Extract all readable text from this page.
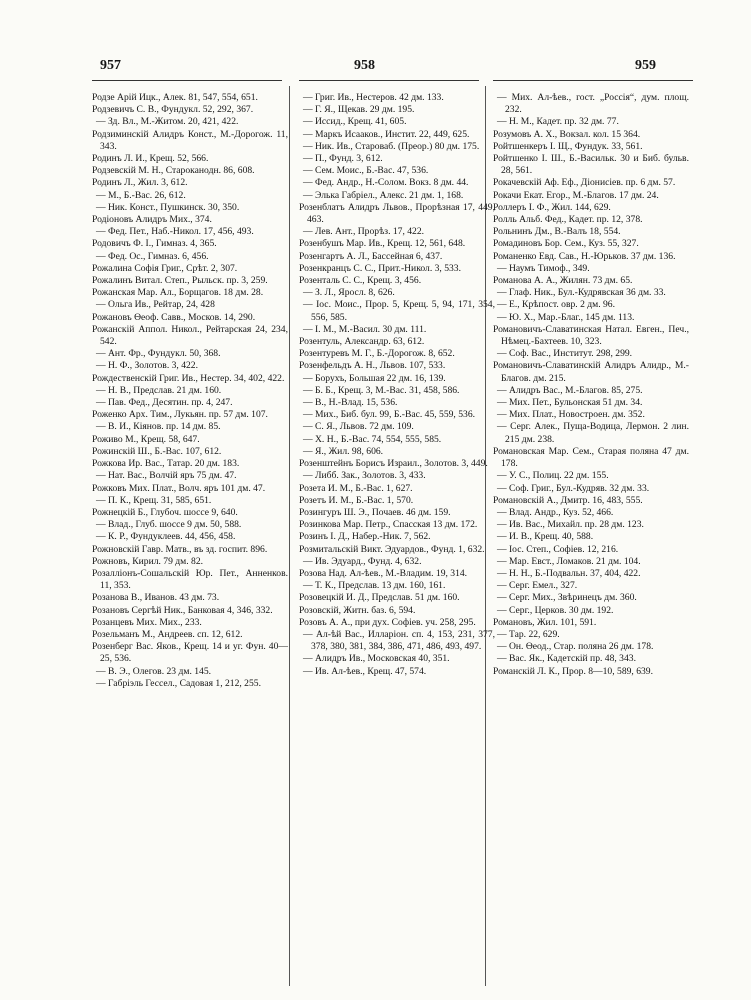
957	958	959

Родзе Арiй Ицк., Алек. 81, 547, 554, 651.

Родзевичъ С. В., Фундукл. 52, 292, 367.

— Зд. Вл., М.-Житом. 20, 421, 422.

Родзиминскiй Алидръ Конст., М.-Дорогож. 11, 343.

Родинъ Л. И., Крещ. 52, 566.

Родзевскiй М. Н., Староканодн. 86, 608.

Родинъ Л., Жил. 3, 612.

— М., Б.-Вас. 26, 612.

— Ник. Конст., Пушкинск. 30, 350.

Родiоновъ Алидръ Мих., 374.

— Фед. Пет., Наб.-Никол. 17, 456, 493.

Родовичъ Ф. I., Гимназ. 4, 365.

— Фед. Ос., Гимназ. 6, 456.

Рожалина Софiя Григ., Срѣт. 2, 307.

Рожалинъ Витал. Степ., Рыльск. пр. 3, 259.

Рожанская Мар. Ал., Борщагов. 18 дм. 28.

— Ольга Ив., Рейтар, 24, 428

Рожановъ Ѳеоф. Савв., Москов. 14, 290.

Рожанскiй Аппол. Никол., Рейтарская 24, 234, 542.

— Ант. Фр., Фундукл. 50, 368.

— Н. Ф., Золотов. 3, 422.

Рождественскiй Григ. Ив., Нестер. 34, 402, 422.

— Н. В., Предслав. 21 дм. 160.

— Пав. Фед., Десятин. пр. 4, 247.

Роженко Арх. Тим., Лукьян. пр. 57 дм. 107.

— В. И., Кiянов. пр. 14 дм. 85.

Роживо М., Крещ. 58, 647.

Рожинскiй Ш., Б.-Вас. 107, 612.

Рожкова Ир. Вас., Татар. 20 дм. 183.

— Нат. Вас., Волчiй яръ 75 дм. 47.

Рожковъ Мих. Плат., Волч. яръ 101 дм. 47.

— П. К., Крещ. 31, 585, 651.

Рожнецкiй Б., Глубоч. шоссе 9, 640.

— Влад., Глуб. шоссе 9 дм. 50, 588.

— К. Р., Фундуклеев. 44, 456, 458.

Рожновскiй Гавр. Матв., въ зд. госпит. 896.

Рожновъ, Кирил. 79 дм. 82.

Розаллiонъ-Сошальскiй Юр. Пет., Анненков. 11, 353.

Розанова В., Иванов. 43 дм. 73.

Розановъ Сергѣй Ник., Банковая 4, 346, 332.

Розанцевъ Мих. Мих., 233.

Розельманъ М., Андреев. сп. 12, 612.

Розенберг Вас. Яков., Крещ. 14 и уг. Фун. 40—25, 536.

— В. Э., Олегов. 23 дм. 145.

— Габрiэль Гессел., Садовая 1, 212, 255.

— Григ. Ив., Нестеров. 42 дм. 133.

— Г. Я., Щекав. 29 дм. 195.

— Иссид., Крещ. 41, 605.

— Маркъ Исааков., Инстит. 22, 449, 625.

— Ник. Ив., Староваб. (Преор.) 80 дм. 175.

— П., Фунд. 3, 612.

— Сем. Моис., Б.-Вас. 47, 536.

— Фед. Андр., Н.-Солом. Вокз. 8 дм. 44.

— Элька Габрiел., Алекс. 21 дм. 1, 168.

Розенблатъ Алидръ Львов., Прорѣзная 17, 449, 463.

— Лев. Ант., Прорѣз. 17, 422.

Розенбушъ Мар. Ив., Крещ. 12, 561, 648.

Розенгартъ А. Л., Бассейная 6, 437.

Розенкранцъ С. С., Прит.-Никол. 3, 533.

Розенталь С. С., Крещ. 3, 456.

— З. Л., Яросл. 8, 626.

— Iос. Моис., Прор. 5, Крещ. 5, 94, 171, 354, 556, 585.

— I. М., М.-Васил. 30 дм. 111.

Розентуль, Александр. 63, 612.

Розентуревъ М. Г., Б.-Дорогож. 8, 652.

Розенфельдъ А. Н., Львов. 107, 533.

— Борухъ, Большая 22 дм. 16, 139.

— Б. Б., Крещ. 3, М.-Вас. 31, 458, 586.

— В., Н.-Влад. 15, 536.

— Мих., Биб. бул. 99, Б.-Вас. 45, 559, 536.

— С. Я., Львов. 72 дм. 109.

— Х. Н., Б.-Вас. 74, 554, 555, 585.

— Я., Жил. 98, 606.

Розенштейнъ Борисъ Израил., Золотов. 3, 449.

— Либб. Зак., Золотов. 3, 433.

Розета И. М., Б.-Вас. 1, 627.

Розетъ И. М., Б.-Вас. 1, 570.

Розингуръ Ш. Э., Почаев. 46 дм. 159.

Розинкова Мар. Петр., Спасская 13 дм. 172.

Розинъ I. Д., Набер.-Ник. 7, 562.

Розмитальскiй Викт. Эдуардов., Фунд. 1, 632.

— Ив. Эдуард., Фунд. 4, 632.

Розова Над. Ал-ѣев., М.-Владим. 19, 314.

— Т. К., Предслав. 13 дм. 160, 161.

Розовецкiй И. Д., Предслав. 51 дм. 160.

Розовскiй, Житн. баз. 6, 594.

Розовъ А. А., при дух. Софiев. уч. 258, 295.

— Ал-ѣй Вас., Илларiон. сп. 4, 153, 231, 377, 378, 380, 381, 384, 386, 471, 486, 493, 497.

— Алидръ Ив., Московская 40, 351.

— Ив. Ал-ѣев., Крещ. 47, 574.

— Мих. Ал-ѣев., гост. „Россiя“, дум. площ. 232.

— Н. М., Кадет. пр. 32 дм. 77.

Розумовъ А. Х., Вокзал. кол. 15 364.

Ройтшенкеръ I. Щ., Фундук. 33, 561.

Ройтшенко I. Ш., Б.-Васильк. 30 и Биб. бульв. 28, 561.

Рокачевскiй Аф. Еф., Дiонисiев. пр. 6 дм. 57.

Рокачи Екат. Егор., М.-Благов. 17 дм. 24.

Роллеръ I. Ф., Жил. 144, 629.

Ролль Альб. Фед., Кадет. пр. 12, 378.

Рольнинъ Дм., В.-Валъ 18, 554.

Ромадиновъ Бор. Сем., Куз. 55, 327.

Романенко Евд. Сав., Н.-Юрьков. 37 дм. 136.

— Наумъ Тимоф., 349.

Романова А. А., Жилян. 73 дм. 65.

— Глаф. Ник., Бул.-Кудрявская 36 дм. 33.

— Е., Крѣпост. овр. 2 дм. 96.

— Ю. Х., Мар.-Благ., 145 дм. 113.

Романовичъ-Славатинская Натал. Евген., Печ., Нѣмец.-Бахтеев. 10, 323.

— Соф. Вас., Институт. 298, 299.

Романовичъ-Славатинскiй Алидръ Алидр., М.-Благов. дм. 215.

— Алидръ Вас., М.-Благов. 85, 275.

— Мих. Пет., Бульонская 51 дм. 34.

— Мих. Плат., Новостроен. дм. 352.

— Серг. Алек., Пуща-Водица, Лермон. 2 лин. 215 дм. 238.

Романовская Мар. Сем., Старая полянa 47 дм. 178.

— У. С., Полиц. 22 дм. 155.

— Соф. Григ., Бул.-Кудряв. 32 дм. 33.

Романовскiй А., Дмитр. 16, 483, 555.

— Влад. Андр., Куз. 52, 466.

— Ив. Вас., Михайл. пр. 28 дм. 123.

— И. В., Крещ. 40, 588.

— Iос. Степ., Софiев. 12, 216.

— Мар. Евст., Ломаков. 21 дм. 104.

— Н. Н., Б.-Подвальн. 37, 404, 422.

— Серг. Емел., 327.

— Серг. Мих., Звѣринецъ дм. 360.

— Серг., Церков. 30 дм. 192.

Романовъ, Жил. 101, 591.

— Тар. 22, 629.

— Он. Ѳеод., Стар. полянa 26 дм. 178.

— Вас. Як., Кадетскiй пр. 48, 343.

Романскiй Л. К., Прор. 8—10, 589, 639.
